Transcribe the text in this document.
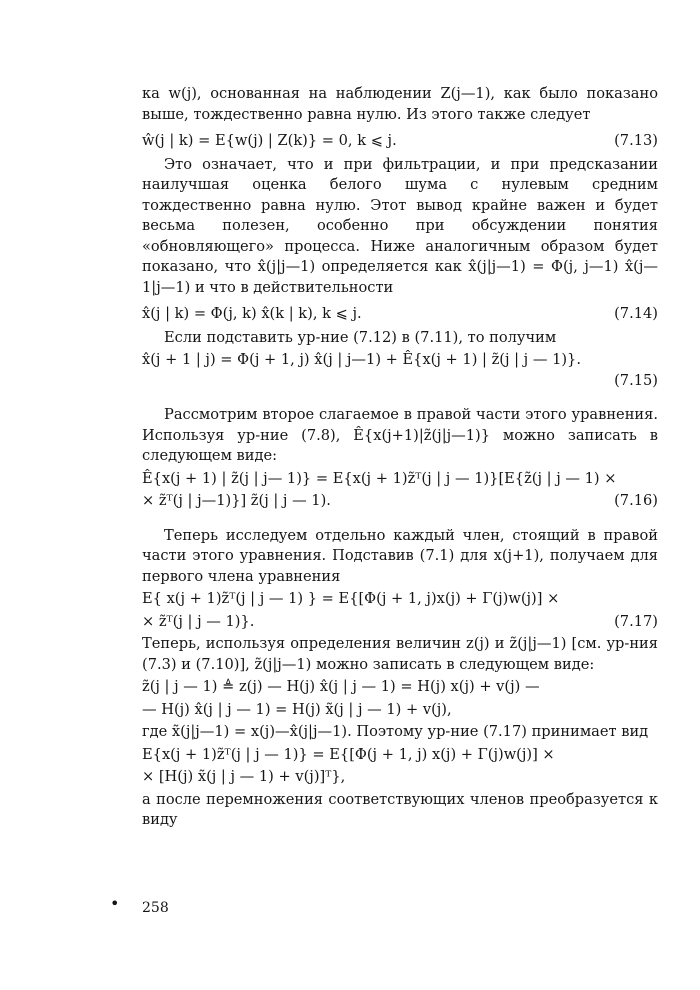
ка w(j), основанная на наблюдении Z(j—1), как было показано выше, тождественно равна нулю. Из этого также следует

ŵ(j | k) = E{w(j) | Z(k)} = 0, k ⩽ j.	(7.13)

Это означает, что и при фильтрации, и при предсказании наилучшая оценка белого шума с нулевым средним тождественно равна нулю. Этот вывод крайне важен и будет весьма полезен, особенно при обсуждении понятия «обновляющего» процесса. Ниже аналогичным образом будет показано, что x̂(j|j—1) определяется как x̂(j|j—1) = Φ(j, j—1) x̂(j—1|j—1) и что в действительности

x̂(j | k) = Φ(j, k) x̂(k | k), k ⩽ j.	(7.14)

Если подставить ур-ние (7.12) в (7.11), то получим

x̂(j + 1 | j) = Φ(j + 1, j) x̂(j | j—1) + Ê{x(j + 1) | z̃(j | j — 1)}.
(7.15)

Рассмотрим второе слагаемое в правой части этого уравнения. Используя ур-ние (7.8), Ê{x(j+1)|z̃(j|j—1)} можно записать в следующем виде:

Ê{x(j + 1) | z̃(j | j— 1)} = E{x(j + 1)z̃ᵀ(j | j — 1)}[E{z̃(j | j — 1) ×
× z̃ᵀ(j | j—1)}] z̃(j | j — 1).	(7.16)

Теперь исследуем отдельно каждый член, стоящий в правой части этого уравнения. Подставив (7.1) для x(j+1), получаем для первого члена уравнения

E{ x(j + 1)z̃ᵀ(j | j — 1) } = E{[Φ(j + 1, j)x(j) + Γ(j)w(j)] ×
× z̃ᵀ(j | j — 1)}.	(7.17)

Теперь, используя определения величин z(j) и z̃(j|j—1) [см. ур-ния (7.3) и (7.10)], z̃(j|j—1) можно записать в следующем виде:

z̃(j | j — 1) ≜ z(j) — H(j) x̂(j | j — 1) = H(j) x(j) + v(j) —
— H(j) x̂(j | j — 1) = H(j) x̃(j | j — 1) + v(j),

где x̃(j|j—1) = x(j)—x̂(j|j—1). Поэтому ур-ние (7.17) принимает вид

E{x(j + 1)z̃ᵀ(j | j — 1)} = E{[Φ(j + 1, j) x(j) + Γ(j)w(j)] ×
× [H(j) x̃(j | j — 1) + v(j)]ᵀ},

а после перемножения соответствующих членов преобразуется к виду

• 258
